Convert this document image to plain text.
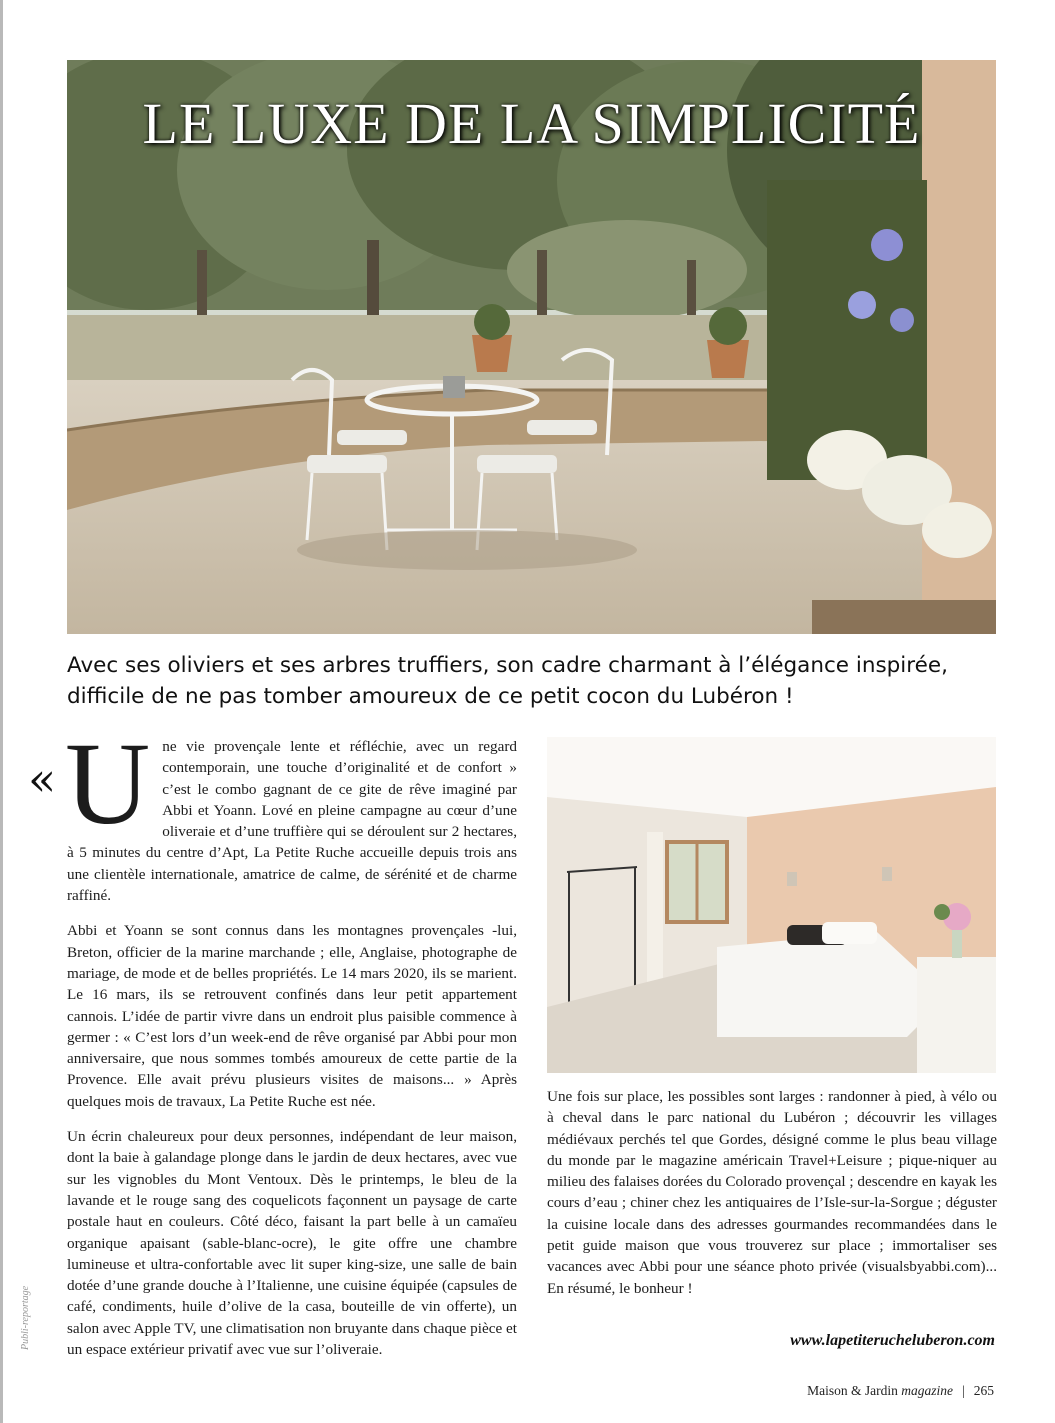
LE LUXE DE LA SIMPLICITÉ
Avec ses oliviers et ses arbres truffiers, son cadre charmant à l’élégance inspirée, difficile de ne pas tomber amoureux de ce petit cocon du Lubéron !
« Une vie provençale lente et réfléchie, avec un regard contemporain, une touche d’originalité et de confort » c’est le combo gagnant de ce gite de rêve imaginé par Abbi et Yoann. Lové en pleine campagne au cœur d’une oliveraie et d’une truffière qui se déroulent sur 2 hectares, à 5 minutes du centre d’Apt, La Petite Ruche accueille depuis trois ans une clientèle internationale, amatrice de calme, de sérénité et de charme raffiné.

Abbi et Yoann se sont connus dans les montagnes provençales -lui, Breton, officier de la marine marchande ; elle, Anglaise, photographe de mariage, de mode et de belles propriétés. Le 14 mars 2020, ils se marient. Le 16 mars, ils se retrouvent confinés dans leur petit appartement cannois. L’idée de partir vivre dans un endroit plus paisible commence à germer : « C’est lors d’un week-end de rêve organisé par Abbi pour mon anniversaire, que nous sommes tombés amoureux de cette partie de la Provence. Elle avait prévu plusieurs visites de maisons... » Après quelques mois de travaux, La Petite Ruche est née.

Un écrin chaleureux pour deux personnes, indépendant de leur maison, dont la baie à galandage plonge dans le jardin de deux hectares, avec vue sur les vignobles du Mont Ventoux. Dès le printemps, le bleu de la lavande et le rouge sang des coquelicots façonnent un paysage de carte postale haut en couleurs. Côté déco, faisant la part belle à un camaïeu organique apaisant (sable-blanc-ocre), le gite offre une chambre lumineuse et ultra-confortable avec lit super king-size, une salle de bain dotée d’une grande douche à l’Italienne, une cuisine équipée (capsules de café, condiments, huile d’olive de la casa, bouteille de vin offerte), un salon avec Apple TV, une climatisation non bruyante dans chaque pièce et un espace extérieur privatif avec vue sur l’oliveraie.

Une fois sur place, les possibles sont larges : randonner à pied, à vélo ou à cheval dans le parc national du Lubéron ; découvrir les villages médiévaux perchés tel que Gordes, désigné comme le plus beau village du monde par le magazine américain Travel+Leisure ; pique-niquer au milieu des falaises dorées du Colorado provençal ; descendre en kayak les cours d’eau ; chiner chez les antiquaires de l’Isle-sur-la-Sorgue ; déguster la cuisine locale dans des adresses gourmandes recommandées dans le petit guide maison que vous trouverez sur place ; immortaliser ses vacances avec Abbi pour une séance photo privée (visualsbyabbi.com)... En résumé, le bonheur !

Publi-reportage	www.lapetiterucheluberon.com
Maison & Jardin magazine | 265
